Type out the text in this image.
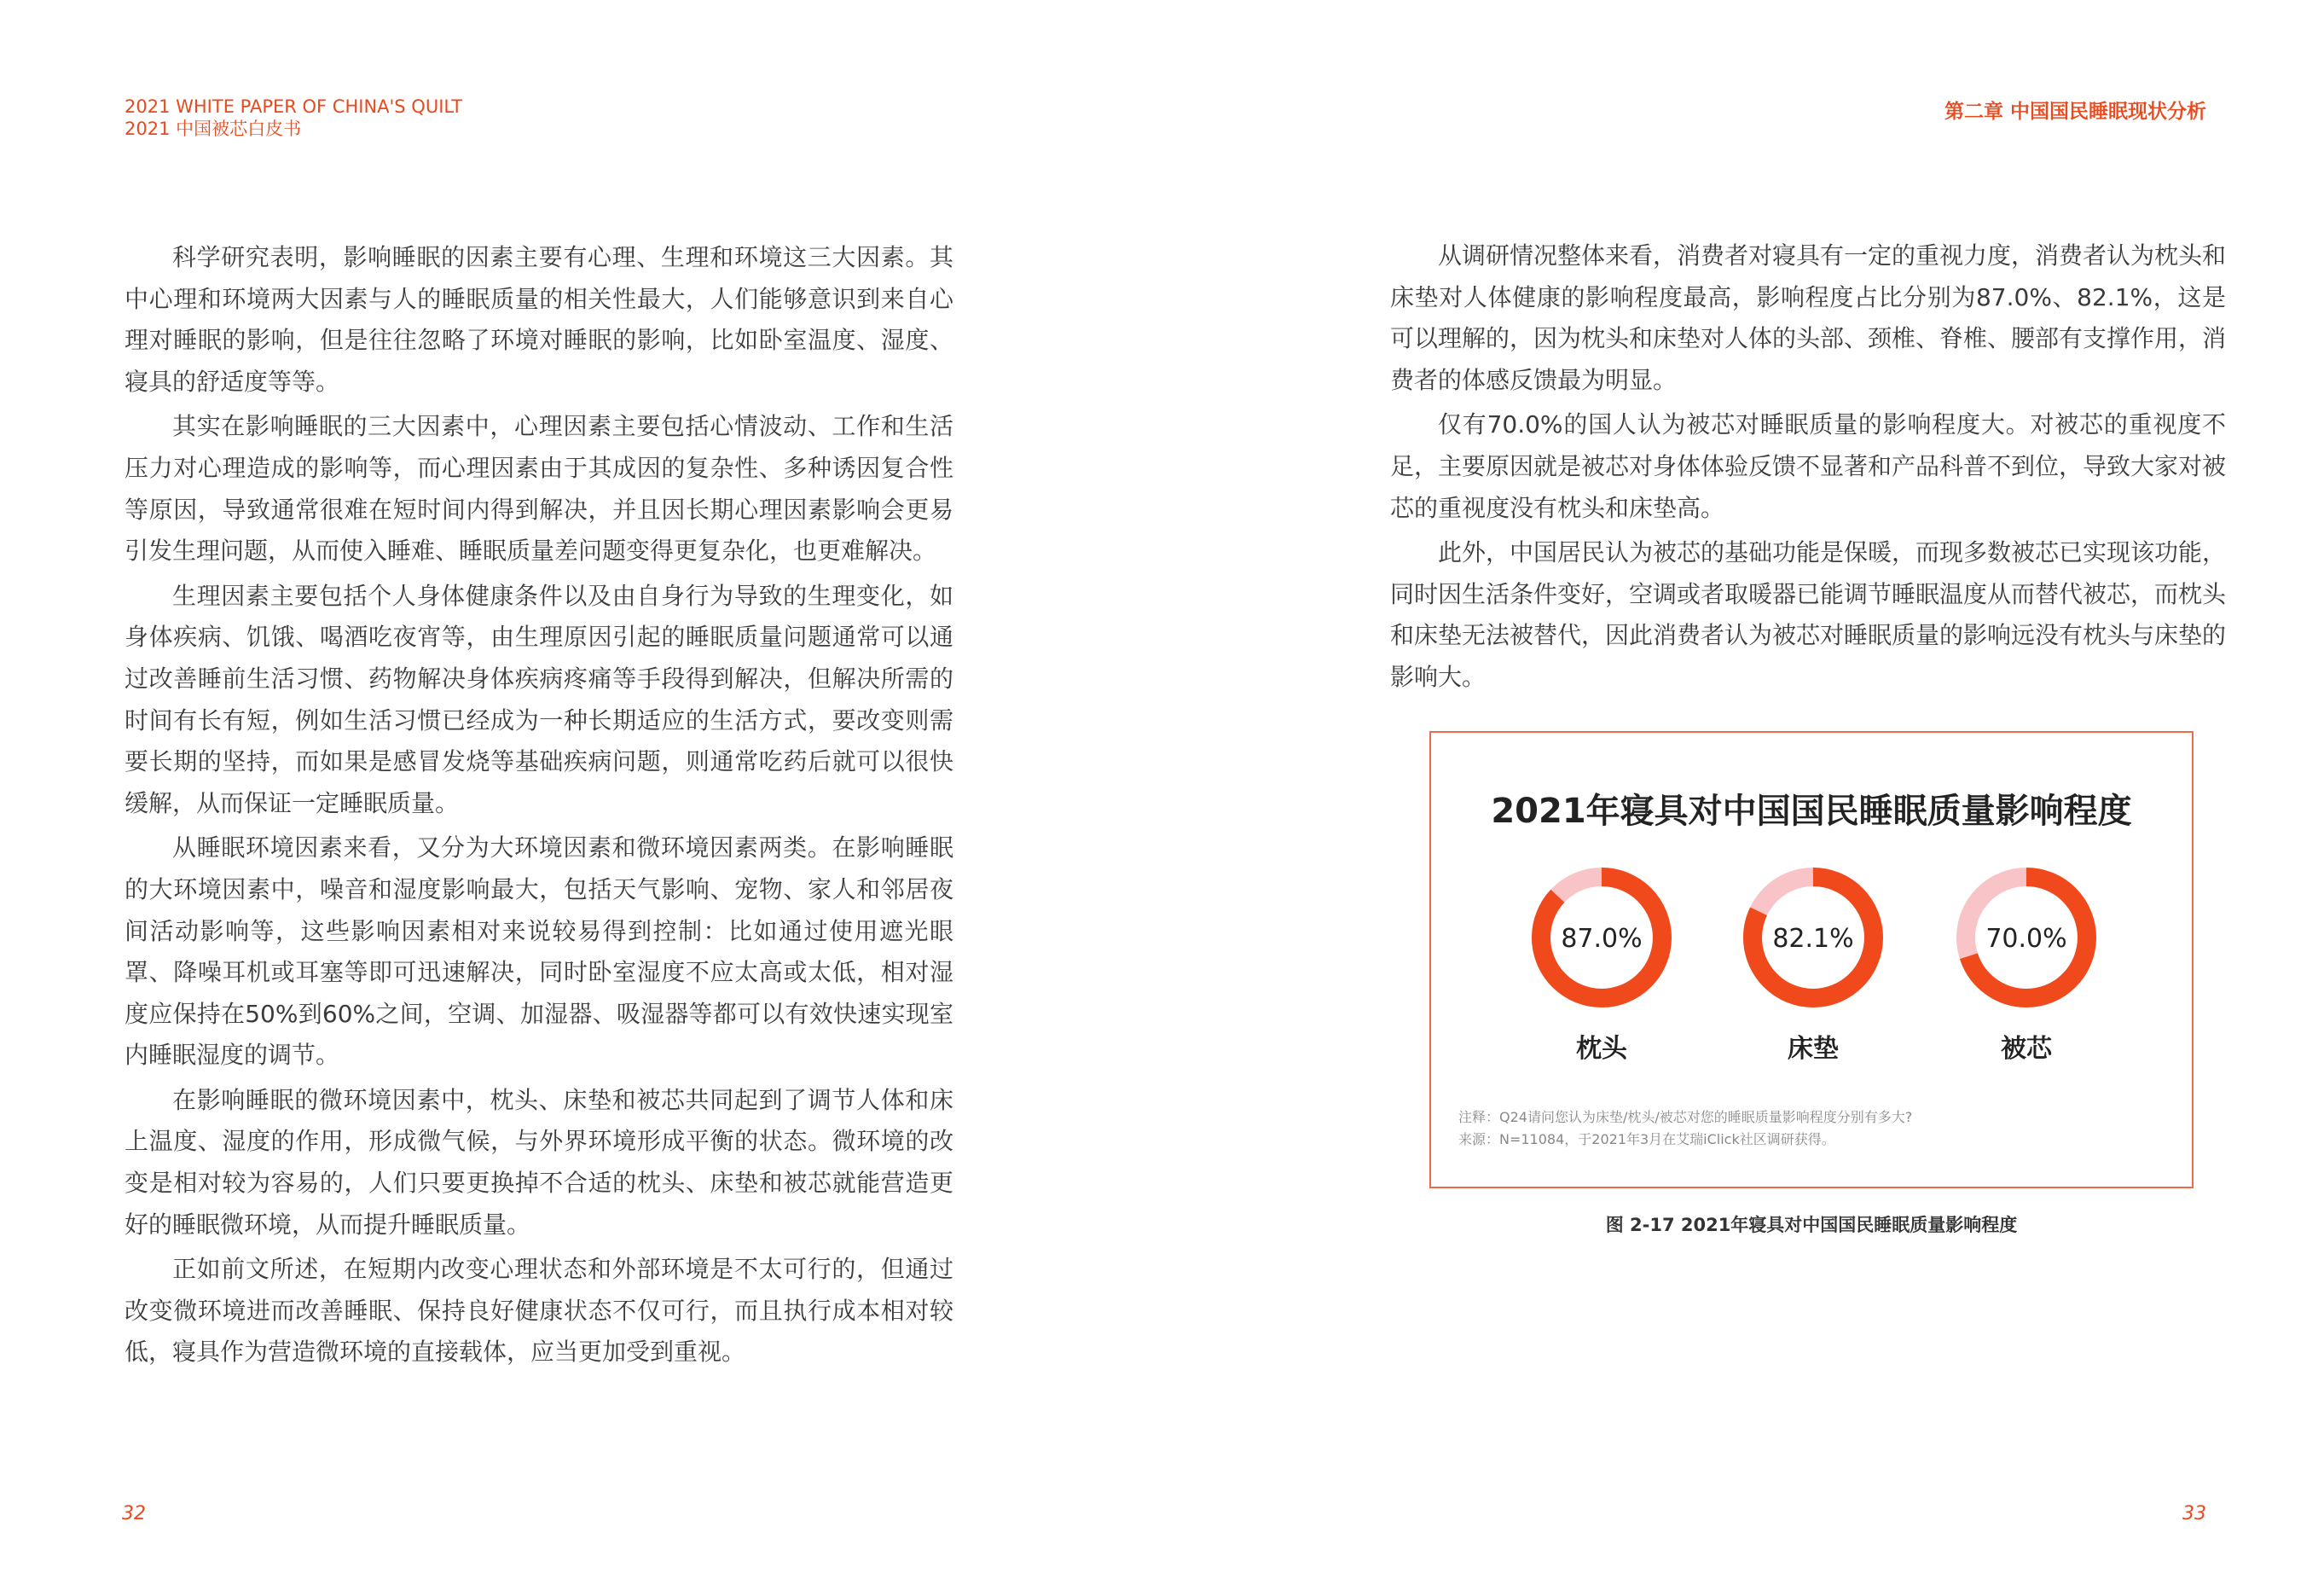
2021 WHITE PAPER OF CHINA'S QUILT
2021 中国被芯白皮书
第二章 中国国民睡眠现状分析

科学研究表明，影响睡眠的因素主要有心理、生理和环境这三大因素。其中心理和环境两大因素与人的睡眠质量的相关性最大，人们能够意识到来自心理对睡眠的影响，但是往往忽略了环境对睡眠的影响，比如卧室温度、湿度、寝具的舒适度等等。

其实在影响睡眠的三大因素中，心理因素主要包括心情波动、工作和生活压力对心理造成的影响等，而心理因素由于其成因的复杂性、多种诱因复合性等原因，导致通常很难在短时间内得到解决，并且因长期心理因素影响会更易引发生理问题，从而使入睡难、睡眠质量差问题变得更复杂化，也更难解决。

生理因素主要包括个人身体健康条件以及由自身行为导致的生理变化，如身体疾病、饥饿、喝酒吃夜宵等，由生理原因引起的睡眠质量问题通常可以通过改善睡前生活习惯、药物解决身体疾病疼痛等手段得到解决，但解决所需的时间有长有短，例如生活习惯已经成为一种长期适应的生活方式，要改变则需要长期的坚持，而如果是感冒发烧等基础疾病问题，则通常吃药后就可以很快缓解，从而保证一定睡眠质量。

从睡眠环境因素来看，又分为大环境因素和微环境因素两类。在影响睡眠的大环境因素中，噪音和湿度影响最大，包括天气影响、宠物、家人和邻居夜间活动影响等，这些影响因素相对来说较易得到控制：比如通过使用遮光眼罩、降噪耳机或耳塞等即可迅速解决，同时卧室湿度不应太高或太低，相对湿度应保持在50%到60%之间，空调、加湿器、吸湿器等都可以有效快速实现室内睡眠湿度的调节。

在影响睡眠的微环境因素中，枕头、床垫和被芯共同起到了调节人体和床上温度、湿度的作用，形成微气候，与外界环境形成平衡的状态。微环境的改变是相对较为容易的，人们只要更换掉不合适的枕头、床垫和被芯就能营造更好的睡眠微环境，从而提升睡眠质量。

正如前文所述，在短期内改变心理状态和外部环境是不太可行的，但通过改变微环境进而改善睡眠、保持良好健康状态不仅可行，而且执行成本相对较低，寝具作为营造微环境的直接载体，应当更加受到重视。

从调研情况整体来看，消费者对寝具有一定的重视力度，消费者认为枕头和床垫对人体健康的影响程度最高，影响程度占比分别为87.0%、82.1%，这是可以理解的，因为枕头和床垫对人体的头部、颈椎、脊椎、腰部有支撑作用，消费者的体感反馈最为明显。

仅有70.0%的国人认为被芯对睡眠质量的影响程度大。对被芯的重视度不足，主要原因就是被芯对身体体验反馈不显著和产品科普不到位，导致大家对被芯的重视度没有枕头和床垫高。

此外，中国居民认为被芯的基础功能是保暖，而现多数被芯已实现该功能，同时因生活条件变好，空调或者取暖器已能调节睡眠温度从而替代被芯，而枕头和床垫无法被替代，因此消费者认为被芯对睡眠质量的影响远没有枕头与床垫的影响大。

2021年寝具对中国国民睡眠质量影响程度
87.0%	82.1%	70.0%
枕头	床垫	被芯
注释：Q24请问您认为床垫/枕头/被芯对您的睡眠质量影响程度分别有多大?
来源：N=11084，于2021年3月在艾瑞iClick社区调研获得。
图 2-17 2021年寝具对中国国民睡眠质量影响程度
32	33
